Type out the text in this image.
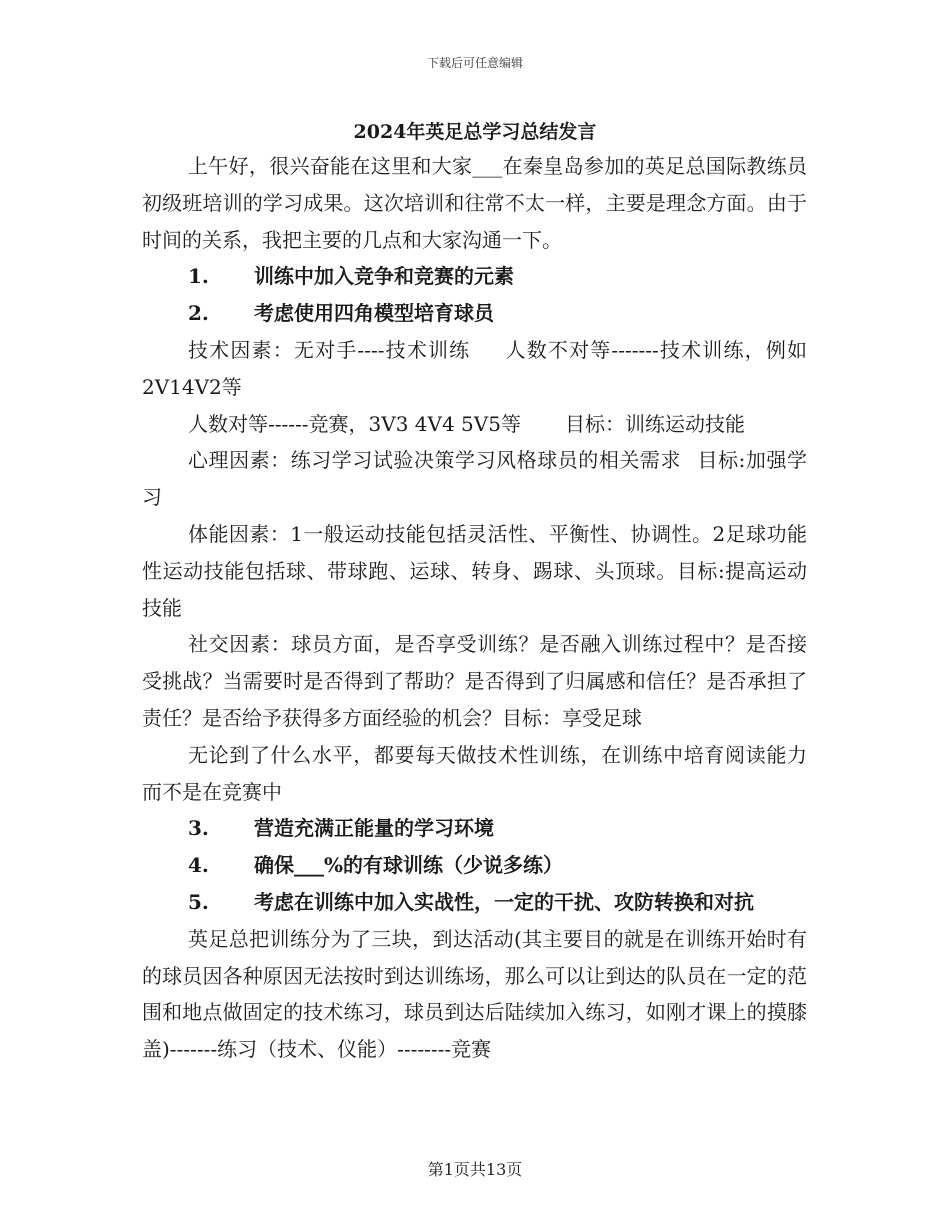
下载后可任意编辑
2024年英足总学习总结发言

上午好，很兴奋能在这里和大家___在秦皇岛参加的英足总国际教练员初级班培训的学习成果。这次培训和往常不太一样，主要是理念方面。由于时间的关系，我把主要的几点和大家沟通一下。

1.	训练中加入竞争和竞赛的元素

2.	考虑使用四角模型培育球员

技术因素：无对手----技术训练 人数不对等-------技术训练，例如2V14V2等

人数对等------竞赛，3V3 4V4 5V5等 目标：训练运动技能

心理因素：练习学习试验决策学习风格球员的相关需求 目标:加强学习

体能因素：1一般运动技能包括灵活性、平衡性、协调性。2足球功能性运动技能包括球、带球跑、运球、转身、踢球、头顶球。目标:提高运动技能

社交因素：球员方面，是否享受训练？是否融入训练过程中？是否接受挑战？当需要时是否得到了帮助？是否得到了归属感和信任？是否承担了责任？是否给予获得多方面经验的机会？目标：享受足球

无论到了什么水平，都要每天做技术性训练，在训练中培育阅读能力而不是在竞赛中

3.	营造充满正能量的学习环境

4.	确保___%的有球训练（少说多练）

5.	考虑在训练中加入实战性，一定的干扰、攻防转换和对抗

英足总把训练分为了三块，到达活动(其主要目的就是在训练开始时有的球员因各种原因无法按时到达训练场，那么可以让到达的队员在一定的范围和地点做固定的技术练习，球员到达后陆续加入练习，如刚才课上的摸膝盖)-------练习（技术、仪能）--------竞赛

第1页共13页
